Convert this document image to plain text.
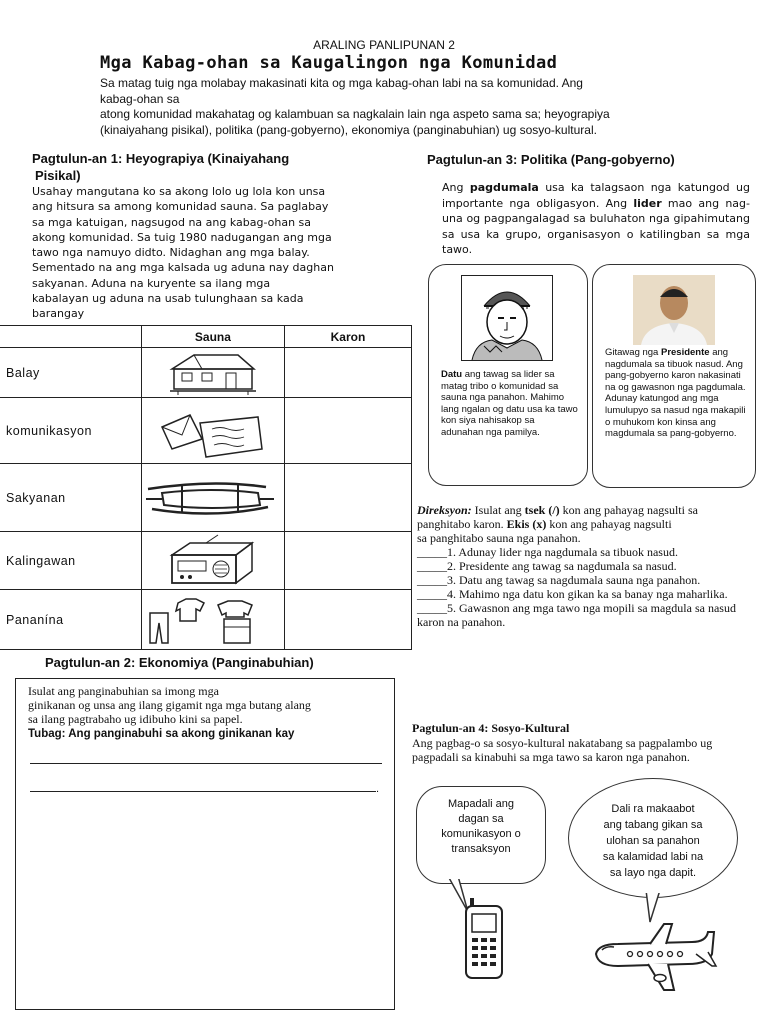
ARALING PANLIPUNAN 2
Mga Kabag-ohan sa Kaugalingon nga Komunidad
Sa matag tuig nga molabay makasinati kita og mga kabag-ohan labi na sa komunidad. Ang
kabag-ohan sa
atong komunidad makahatag og kalambuan sa nagkalain lain nga aspeto sama sa; heyograpiya
(kinaiyahang pisikal), politika (pang-gobyerno), ekonomiya (panginabuhian) ug sosyo-kultural.
Pagtulun-an 1: Heyograpiya (Kinaiyahang
Pisikal)
Usahay mangutana ko sa akong lolo ug lola kon unsa
ang hitsura sa among komunidad sauna. Sa paglabay
sa mga katuigan, nagsugod na ang kabag-ohan sa
akong komunidad. Sa tuig 1980 nadugangan ang mga
tawo nga namuyo didto. Nidaghan ang mga balay.
Sementado na ang mga kalsada ug aduna nay daghan
sakyanan. Aduna na kuryente sa ilang mga
kabalayan ug aduna na usab tulunghaan sa kada
barangay
	Sauna	Karon
Balay	

komunikasyon	

Sakyanan	

Kalingawan	

Pananína	

Pagtulun-an 2: Ekonomiya (Panginabuhian)
Isulat ang panginabuhian sa imong mga
ginikanan og unsa ang ilang gigamit nga mga butang alang
sa ilang pagtrabaho ug idibuho kini sa papel.
Tubag: Ang panginabuhi sa akong ginikanan kay
.
Pagtulun-an 3: Politika (Pang-gobyerno)
Ang pagdumala usa ka talagsaon nga katungod ug importante nga obligasyon. Ang lider mao ang nag-una og pagpangalagad sa buluhaton nga gipahimutang sa usa ka grupo, organisasyon o katilingban sa mga tawo.
Datu ang tawag sa lider sa matag tribo o komunidad sa sauna nga panahon. Mahimo lang ngalan og datu usa ka tawo kon siya nahisakop sa adunahan nga pamilya.
Gitawag nga Presidente ang nagdumala sa tibuok nasud. Ang pang-gobyerno karon nakasinati na og gawasnon nga pagdumala. Adunay katungod ang mga lumulupyo sa nasud nga makapili o muhukom kon kinsa ang magdumala sa pang-gobyerno.
Direksyon: Isulat ang tsek (/) kon ang pahayag nagsulti sa panghitabo karon. Ekis (x) kon ang pahayag nagsulti
sa panghitabo sauna nga panahon.
_____1. Adunay lider nga nagdumala sa tibuok nasud.
_____2. Presidente ang tawag sa nagdumala sa nasud.
_____3. Datu ang tawag sa nagdumala sauna nga panahon.
_____4. Mahimo nga datu kon gikan ka sa banay nga maharlika.
_____5. Gawasnon ang mga tawo nga mopili sa magdula sa nasud karon na panahon.
Pagtulun-an 4: Sosyo-Kultural
Ang pagbag-o sa sosyo-kultural nakatabang sa pagpalambo ug pagpadali sa kinabuhi sa mga tawo sa karon nga panahon.
Mapadali ang
dagan sa
komunikasyon o
transaksyon
Dali ra makaabot
ang tabang gikan sa
ulohan sa panahon
sa kalamidad labi na
sa layo nga dapit.
